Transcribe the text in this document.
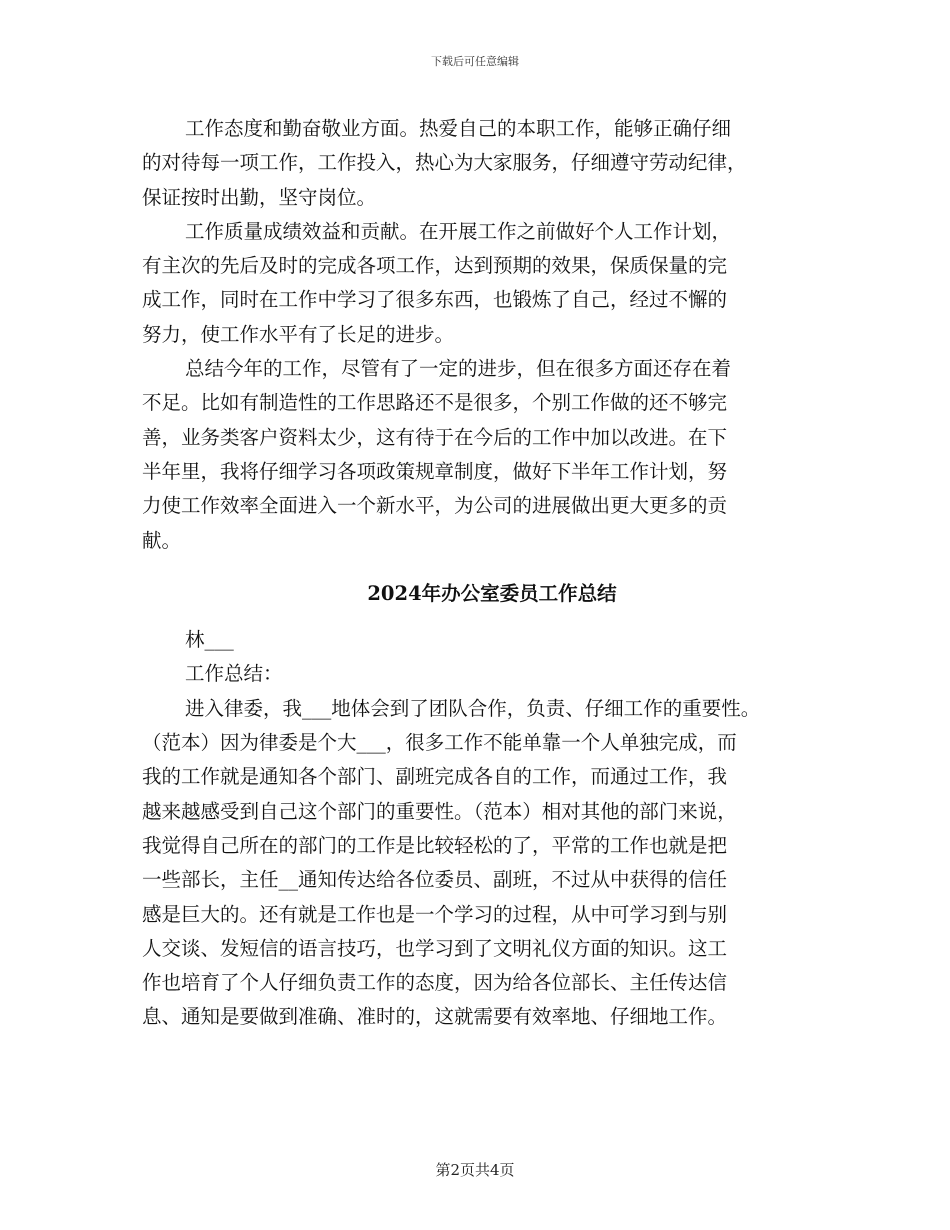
下载后可任意编辑
工作态度和勤奋敬业方面。热爱自己的本职工作，能够正确仔细
的对待每一项工作，工作投入，热心为大家服务，仔细遵守劳动纪律，
保证按时出勤，坚守岗位。
工作质量成绩效益和贡献。在开展工作之前做好个人工作计划，
有主次的先后及时的完成各项工作，达到预期的效果，保质保量的完
成工作，同时在工作中学习了很多东西，也锻炼了自己，经过不懈的
努力，使工作水平有了长足的进步。
总结今年的工作，尽管有了一定的进步，但在很多方面还存在着
不足。比如有制造性的工作思路还不是很多，个别工作做的还不够完
善，业务类客户资料太少，这有待于在今后的工作中加以改进。在下
半年里，我将仔细学习各项政策规章制度，做好下半年工作计划，努
力使工作效率全面进入一个新水平，为公司的进展做出更大更多的贡
献。
2024年办公室委员工作总结
林___
工作总结：
进入律委，我___地体会到了团队合作，负责、仔细工作的重要性。
（范本）因为律委是个大___，很多工作不能单靠一个人单独完成，而
我的工作就是通知各个部门、副班完成各自的工作，而通过工作，我
越来越感受到自己这个部门的重要性。（范本）相对其他的部门来说，
我觉得自己所在的部门的工作是比较轻松的了，平常的工作也就是把
一些部长，主任__通知传达给各位委员、副班，不过从中获得的信任
感是巨大的。还有就是工作也是一个学习的过程，从中可学习到与别
人交谈、发短信的语言技巧，也学习到了文明礼仪方面的知识。这工
作也培育了个人仔细负责工作的态度，因为给各位部长、主任传达信
息、通知是要做到准确、准时的，这就需要有效率地、仔细地工作。
第2页共4页
